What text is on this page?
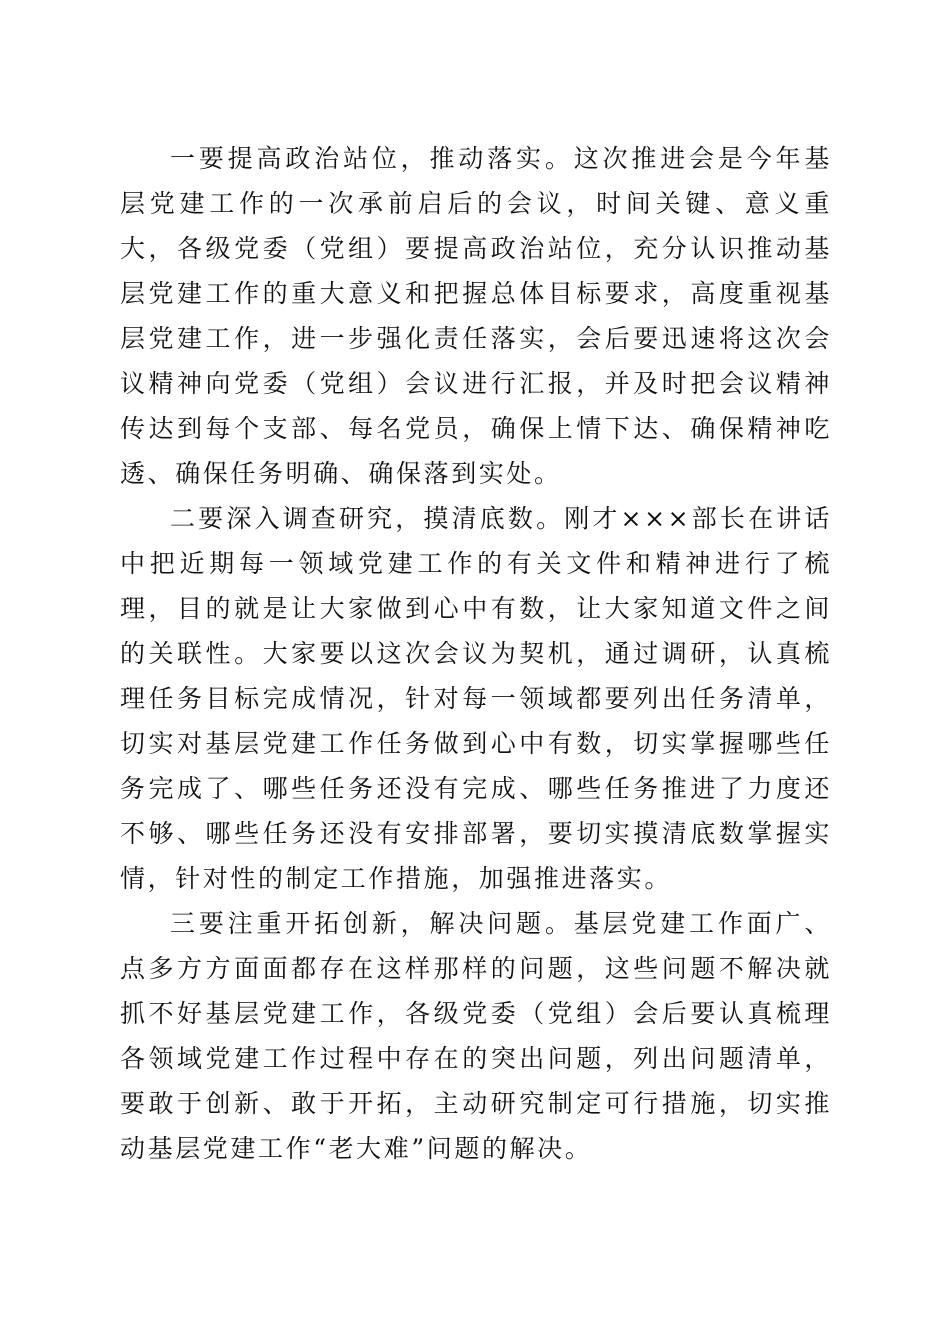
一要提高政治站位，推动落实。这次推进会是今年基层党建工作的一次承前启后的会议，时间关键、意义重大，各级党委（党组）要提高政治站位，充分认识推动基层党建工作的重大意义和把握总体目标要求，高度重视基层党建工作，进一步强化责任落实，会后要迅速将这次会议精神向党委（党组）会议进行汇报，并及时把会议精神传达到每个支部、每名党员，确保上情下达、确保精神吃透、确保任务明确、确保落到实处。

二要深入调查研究，摸清底数。刚才×××部长在讲话中把近期每一领域党建工作的有关文件和精神进行了梳理，目的就是让大家做到心中有数，让大家知道文件之间的关联性。大家要以这次会议为契机，通过调研，认真梳理任务目标完成情况，针对每一领域都要列出任务清单，切实对基层党建工作任务做到心中有数，切实掌握哪些任务完成了、哪些任务还没有完成、哪些任务推进了力度还不够、哪些任务还没有安排部署，要切实摸清底数掌握实情，针对性的制定工作措施，加强推进落实。

三要注重开拓创新，解决问题。基层党建工作面广、点多方方面面都存在这样那样的问题，这些问题不解决就抓不好基层党建工作，各级党委（党组）会后要认真梳理各领域党建工作过程中存在的突出问题，列出问题清单，要敢于创新、敢于开拓，主动研究制定可行措施，切实推动基层党建工作“老大难”问题的解决。
